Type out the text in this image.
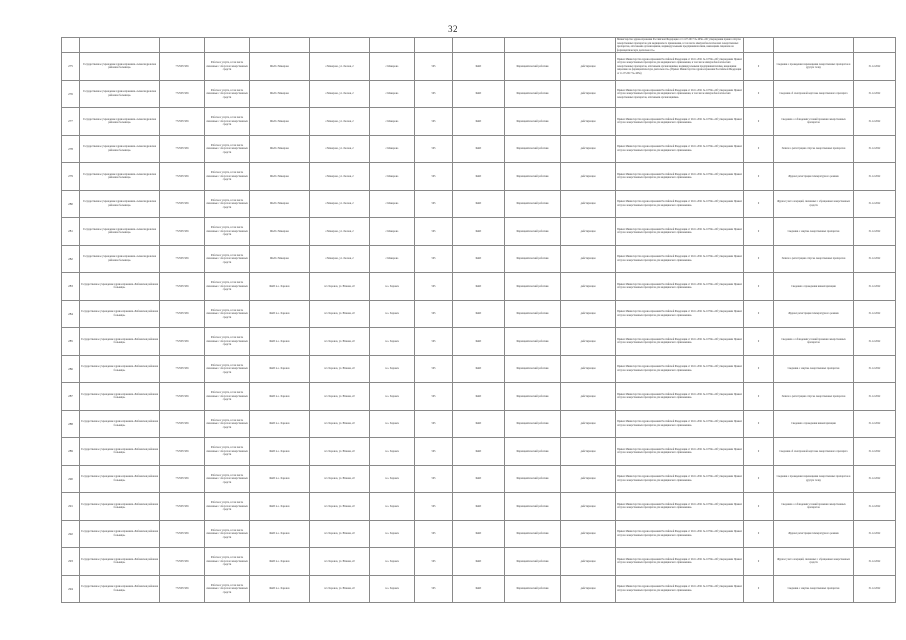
32
											Министерства здравоохранения Российской Федерации от 11.07.2017 № 403н «Об утверждении правил отпуска лекарственных препаратов для медицинского применения, в том числе иммунобиологических лекарственных препаратов, аптечными организациями, индивидуальными предпринимателями, имеющими лицензию на фармацевтическую деятельность»			
275	Государственное учреждение здравоохранения «Александровская районная больница»	7725057456	Работы и услуги, в том числе связанные с оборотом лекарственных средств	ФАП с.Макарово	с.Макарово, ул. Лесная, 2	с.Макарово	505	ФАП	Фармацевтический работник	действующая	Приказ Министерства здравоохранения Российской Федерации от 29.11.2021 № 1079н «Об утверждении Правил отпуска лекарственных препаратов для медицинского применения, в том числе иммунобиологических лекарственных препаратов, аптечными организациями, индивидуальными предпринимателями, имеющими лицензию на фармацевтическую деятельность» (Приказ Министерства здравоохранения Российской Федерации от 11.07.2017 № 403н)	0	Сведения о проведении перемещения лекарственных препаратов в другую точку	31.12.2022
276	Государственное учреждение здравоохранения «Александровская районная больница»	7725057456	Работы и услуги, в том числе связанные с оборотом лекарственных средств	ФАП с.Макарово	с.Макарово, ул. Лесная, 2	с.Макарово	505	ФАП	Фармацевтический работник	действующая	Приказ Министерства здравоохранения Российской Федерации от 29.11.2021 № 1079н «Об утверждении Правил отпуска лекарственных препаратов для медицинского применения, в том числе иммунобиологических лекарственных препаратов, аптечными организациями»	0	Сведения об электронной карточке лекарственного препарата	31.12.2022
277	Государственное учреждение здравоохранения «Александровская районная больница»	7725057456	Работы и услуги, в том числе связанные с оборотом лекарственных средств	ФАП с.Макарово	с.Макарово, ул. Лесная, 2	с.Макарово	505	ФАП	Фармацевтический работник	действующая	Приказ Министерства здравоохранения Российской Федерации от 29.11.2021 № 1079н «Об утверждении Правил отпуска лекарственных препаратов для медицинского применения»	0	Сведения о соблюдении условий хранения лекарственных препаратов	31.12.2022
278	Государственное учреждение здравоохранения «Александровская районная больница»	7725057456	Работы и услуги, в том числе связанные с оборотом лекарственных средств	ФАП с.Макарово	с.Макарово, ул. Лесная, 2	с.Макарово	505	ФАП	Фармацевтический работник	действующая	Приказ Министерства здравоохранения Российской Федерации от 29.11.2021 № 1079н «Об утверждении Правил отпуска лекарственных препаратов для медицинского применения»	0	Записи о регистрации отпуска лекарственных препаратов	31.12.2022
279	Государственное учреждение здравоохранения «Александровская районная больница»	7725057456	Работы и услуги, в том числе связанные с оборотом лекарственных средств	ФАП с.Макарово	с.Макарово, ул. Лесная, 2	с.Макарово	505	ФАП	Фармацевтический работник	действующая	Приказ Министерства здравоохранения Российской Федерации от 29.11.2021 № 1079н «Об утверждении Правил отпуска лекарственных препаратов для медицинского применения»	0	Журнал регистрации температурного режима	31.12.2022
280	Государственное учреждение здравоохранения «Александровская районная больница»	7725057456	Работы и услуги, в том числе связанные с оборотом лекарственных средств	ФАП с.Макарово	с.Макарово, ул. Лесная, 2	с.Макарово	505	ФАП	Фармацевтический работник	действующая	Приказ Министерства здравоохранения Российской Федерации от 29.11.2021 № 1079н «Об утверждении Правил отпуска лекарственных препаратов для медицинского применения»	0	Журнал учета операций, связанных с обращением лекарственных средств	31.12.2022
281	Государственное учреждение здравоохранения «Александровская районная больница»	7725057456	Работы и услуги, в том числе связанные с оборотом лекарственных средств	ФАП с.Макарово	с.Макарово, ул. Лесная, 2	с.Макарово	505	ФАП	Фармацевтический работник	действующая	Приказ Министерства здравоохранения Российской Федерации от 29.11.2021 № 1079н «Об утверждении Правил отпуска лекарственных препаратов для медицинского применения»	0	Сведения о закупке лекарственных препаратов	31.12.2022
282	Государственное учреждение здравоохранения «Александровская районная больница»	7725057456	Работы и услуги, в том числе связанные с оборотом лекарственных средств	ФАП с.Макарово	с.Макарово, ул. Лесная, 2	с.Макарово	505	ФАП	Фармацевтический работник	действующая	Приказ Министерства здравоохранения Российской Федерации от 29.11.2021 № 1079н «Об утверждении Правил отпуска лекарственных препаратов для медицинского применения»	0	Записи о регистрации отпуска лекарственных препаратов	31.12.2022
283	Государственное учреждение здравоохранения «Бабаевская районная больница»	7725057456	Работы и услуги, в том числе связанные с оборотом лекарственных средств	ФАП п.о. Харовск	п/о Харовск, ул. Южная, 22	п.о. Харовск	505	ФАП	Фармацевтический работник	действующая	Приказ Министерства здравоохранения Российской Федерации от 29.11.2021 № 1079н «Об утверждении Правил отпуска лекарственных препаратов для медицинского применения»	0	Сведения о проведении инвентаризации	31.12.2022
284	Государственное учреждение здравоохранения «Бабаевская районная больница»	7725057456	Работы и услуги, в том числе связанные с оборотом лекарственных средств	ФАП п.о. Харовск	п/о Харовск, ул. Южная, 22	п.о. Харовск	505	ФАП	Фармацевтический работник	действующая	Приказ Министерства здравоохранения Российской Федерации от 29.11.2021 № 1079н «Об утверждении Правил отпуска лекарственных препаратов для медицинского применения»	0	Журнал регистрации температурного режима	31.12.2022
285	Государственное учреждение здравоохранения «Бабаевская районная больница»	7725057456	Работы и услуги, в том числе связанные с оборотом лекарственных средств	ФАП п.о. Харовск	п/о Харовск, ул. Южная, 22	п.о. Харовск	505	ФАП	Фармацевтический работник	действующая	Приказ Министерства здравоохранения Российской Федерации от 29.11.2021 № 1079н «Об утверждении Правил отпуска лекарственных препаратов для медицинского применения»	0	Сведения о соблюдении условий хранения лекарственных препаратов	31.12.2022
286	Государственное учреждение здравоохранения «Бабаевская районная больница»	7725057456	Работы и услуги, в том числе связанные с оборотом лекарственных средств	ФАП п.о. Харовск	п/о Харовск, ул. Южная, 22	п.о. Харовск	505	ФАП	Фармацевтический работник	действующая	Приказ Министерства здравоохранения Российской Федерации от 29.11.2021 № 1079н «Об утверждении Правил отпуска лекарственных препаратов для медицинского применения»	0	Сведения о закупке лекарственных препаратов	31.12.2022
287	Государственное учреждение здравоохранения «Бабаевская районная больница»	7725057456	Работы и услуги, в том числе связанные с оборотом лекарственных средств	ФАП п.о. Харовск	п/о Харовск, ул. Южная, 22	п.о. Харовск	505	ФАП	Фармацевтический работник	действующая	Приказ Министерства здравоохранения Российской Федерации от 29.11.2021 № 1079н «Об утверждении Правил отпуска лекарственных препаратов для медицинского применения»	0	Записи о регистрации отпуска лекарственных препаратов	31.12.2022
288	Государственное учреждение здравоохранения «Бабаевская районная больница»	7725057456	Работы и услуги, в том числе связанные с оборотом лекарственных средств	ФАП п.о. Харовск	п/о Харовск, ул. Южная, 22	п.о. Харовск	505	ФАП	Фармацевтический работник	действующая	Приказ Министерства здравоохранения Российской Федерации от 29.11.2021 № 1079н «Об утверждении Правил отпуска лекарственных препаратов для медицинского применения»	0	Сведения о проведении инвентаризации	31.12.2022
289	Государственное учреждение здравоохранения «Бабаевская районная больница»	7725057456	Работы и услуги, в том числе связанные с оборотом лекарственных средств	ФАП п.о. Харовск	п/о Харовск, ул. Южная, 22	п.о. Харовск	505	ФАП	Фармацевтический работник	действующая	Приказ Министерства здравоохранения Российской Федерации от 29.11.2021 № 1079н «Об утверждении Правил отпуска лекарственных препаратов для медицинского применения»	0	Сведения об электронной карточке лекарственного препарата	31.12.2022
290	Государственное учреждение здравоохранения «Бабаевская районная больница»	7725057456	Работы и услуги, в том числе связанные с оборотом лекарственных средств	ФАП п.о. Харовск	п/о Харовск, ул. Южная, 22	п.о. Харовск	505	ФАП	Фармацевтический работник	действующая	Приказ Министерства здравоохранения Российской Федерации от 29.11.2021 № 1079н «Об утверждении Правил отпуска лекарственных препаратов для медицинского применения»	0	Сведения о проведении перемещения лекарственных препаратов в другую точку	31.12.2022
291	Государственное учреждение здравоохранения «Бабаевская районная больница»	7725057456	Работы и услуги, в том числе связанные с оборотом лекарственных средств	ФАП п.о. Харовск	п/о Харовск, ул. Южная, 22	п.о. Харовск	505	ФАП	Фармацевтический работник	действующая	Приказ Министерства здравоохранения Российской Федерации от 29.11.2021 № 1079н «Об утверждении Правил отпуска лекарственных препаратов для медицинского применения»	0	Сведения о соблюдении условий хранения лекарственных препаратов	31.12.2022
292	Государственное учреждение здравоохранения «Бабаевская районная больница»	7725057456	Работы и услуги, в том числе связанные с оборотом лекарственных средств	ФАП п.о. Харовск	п/о Харовск, ул. Южная, 22	п.о. Харовск	505	ФАП	Фармацевтический работник	действующая	Приказ Министерства здравоохранения Российской Федерации от 29.11.2021 № 1079н «Об утверждении Правил отпуска лекарственных препаратов для медицинского применения»	0	Журнал регистрации температурного режима	31.12.2022
293	Государственное учреждение здравоохранения «Бабаевская районная больница»	7725057456	Работы и услуги, в том числе связанные с оборотом лекарственных средств	ФАП п.о. Харовск	п/о Харовск, ул. Южная, 22	п.о. Харовск	505	ФАП	Фармацевтический работник	действующая	Приказ Министерства здравоохранения Российской Федерации от 29.11.2021 № 1079н «Об утверждении Правил отпуска лекарственных препаратов для медицинского применения»	0	Журнал учета операций, связанных с обращением лекарственных средств	31.12.2022
294	Государственное учреждение здравоохранения «Бабаевская районная больница»	7725057456	Работы и услуги, в том числе связанные с оборотом лекарственных средств	ФАП п.о. Харовск	п/о Харовск, ул. Южная, 22	п.о. Харовск	505	ФАП	Фармацевтический работник	действующая	Приказ Министерства здравоохранения Российской Федерации от 29.11.2021 № 1079н «Об утверждении Правил отпуска лекарственных препаратов для медицинского применения»	0	Сведения о закупке лекарственных препаратов	31.12.2022
